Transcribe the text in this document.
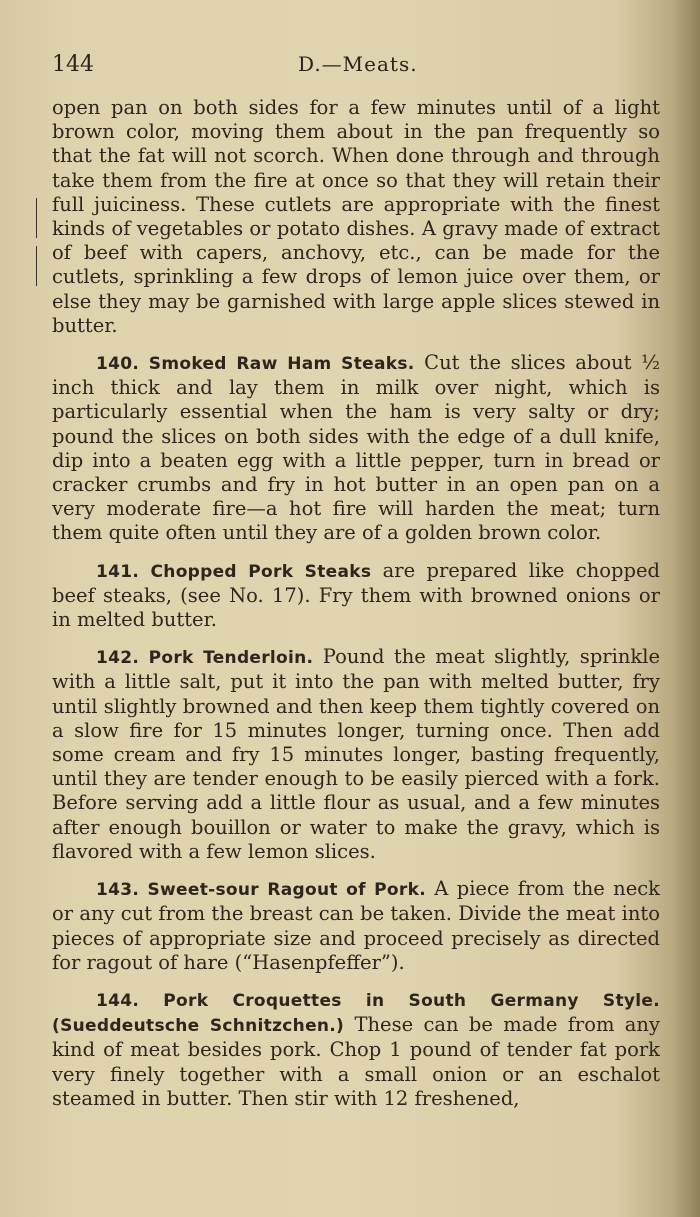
144	D.—Meats.

open pan on both sides for a few minutes until of a light brown color, moving them about in the pan frequently so that the fat will not scorch. When done through and through take them from the fire at once so that they will retain their full juiciness. These cutlets are appropriate with the finest kinds of vegetables or potato dishes. A gravy made of extract of beef with capers, anchovy, etc., can be made for the cutlets, sprinkling a few drops of lemon juice over them, or else they may be garnished with large apple slices stewed in butter.

140. Smoked Raw Ham Steaks. Cut the slices about ½ inch thick and lay them in milk over night, which is particularly essential when the ham is very salty or dry; pound the slices on both sides with the edge of a dull knife, dip into a beaten egg with a little pepper, turn in bread or cracker crumbs and fry in hot butter in an open pan on a very moderate fire—a hot fire will harden the meat; turn them quite often until they are of a golden brown color.

141. Chopped Pork Steaks are prepared like chopped beef steaks, (see No. 17). Fry them with browned onions or in melted butter.

142. Pork Tenderloin. Pound the meat slightly, sprinkle with a little salt, put it into the pan with melted butter, fry until slightly browned and then keep them tightly covered on a slow fire for 15 minutes longer, turning once. Then add some cream and fry 15 minutes longer, basting frequently, until they are tender enough to be easily pierced with a fork. Before serving add a little flour as usual, and a few minutes after enough bouillon or water to make the gravy, which is flavored with a few lemon slices.

143. Sweet-sour Ragout of Pork. A piece from the neck or any cut from the breast can be taken. Divide the meat into pieces of appropriate size and proceed precisely as directed for ragout of hare (“Hasenpfeffer”).

144. Pork Croquettes in South Germany Style. (Sueddeutsche Schnitzchen.) These can be made from any kind of meat besides pork. Chop 1 pound of tender fat pork very finely together with a small onion or an eschalot steamed in butter. Then stir with 12 freshened,
